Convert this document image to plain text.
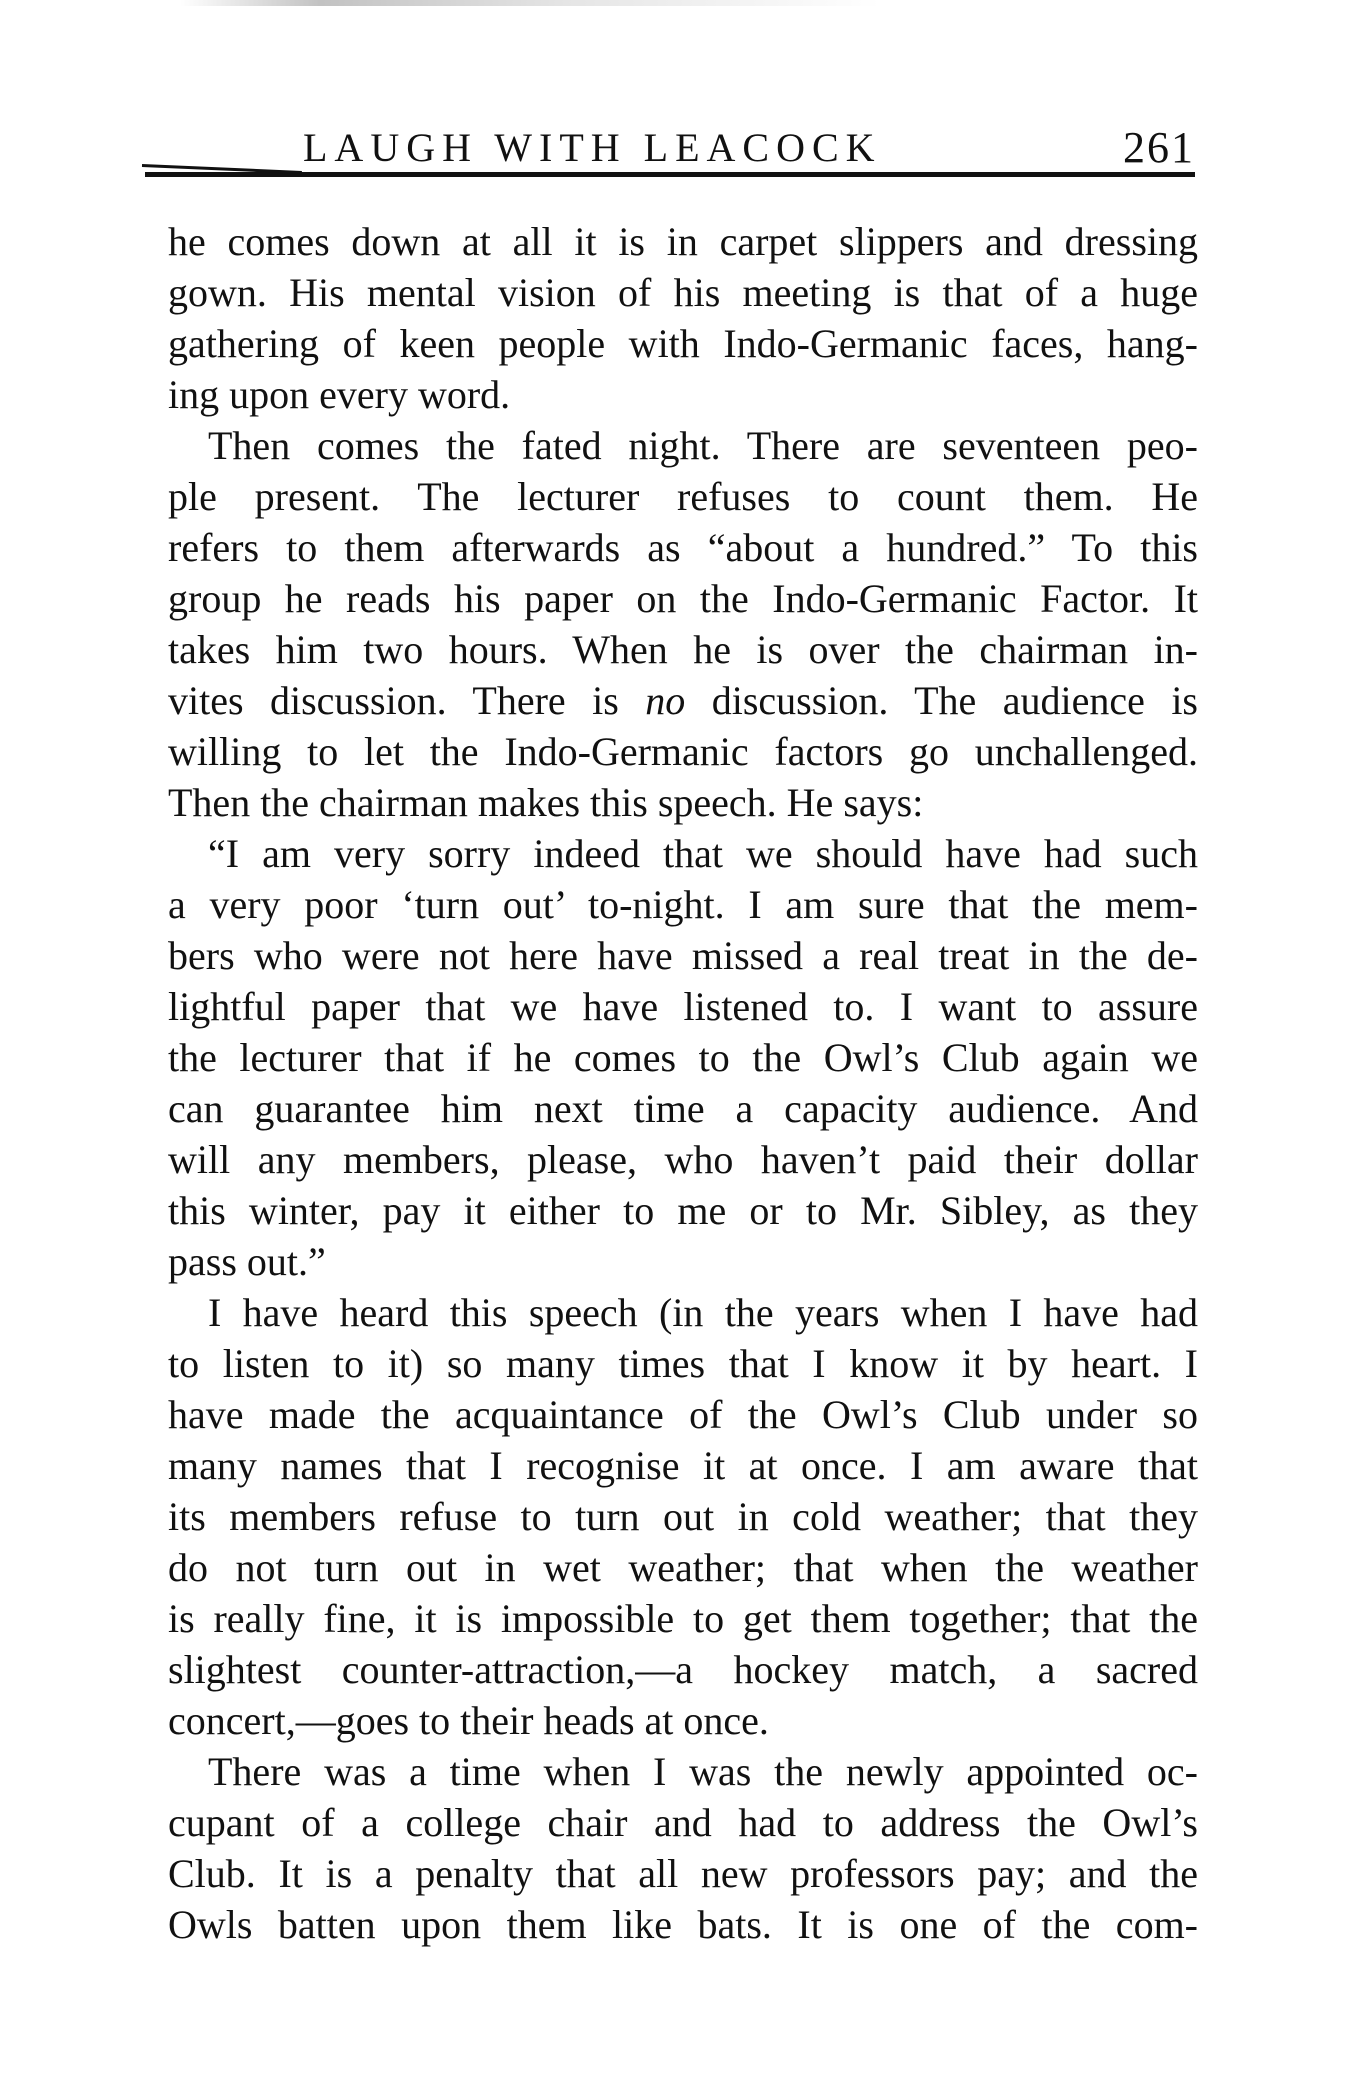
LAUGH WITH LEACOCK	261
he comes down at all it is in carpet slippers and dressing
gown. His mental vision of his meeting is that of a huge
gathering of keen people with Indo-Germanic faces, hang-
ing upon every word.
Then comes the fated night. There are seventeen peo-
ple present. The lecturer refuses to count them. He
refers to them afterwards as “about a hundred.” To this
group he reads his paper on the Indo-Germanic Factor. It
takes him two hours. When he is over the chairman in-
vites discussion. There is no discussion. The audience is
willing to let the Indo-Germanic factors go unchallenged.
Then the chairman makes this speech. He says:
“I am very sorry indeed that we should have had such
a very poor ‘turn out’ to-night. I am sure that the mem-
bers who were not here have missed a real treat in the de-
lightful paper that we have listened to. I want to assure
the lecturer that if he comes to the Owl’s Club again we
can guarantee him next time a capacity audience. And
will any members, please, who haven’t paid their dollar
this winter, pay it either to me or to Mr. Sibley, as they
pass out.”
I have heard this speech (in the years when I have had
to listen to it) so many times that I know it by heart. I
have made the acquaintance of the Owl’s Club under so
many names that I recognise it at once. I am aware that
its members refuse to turn out in cold weather; that they
do not turn out in wet weather; that when the weather
is really fine, it is impossible to get them together; that the
slightest counter-attraction,—a hockey match, a sacred
concert,—goes to their heads at once.
There was a time when I was the newly appointed oc-
cupant of a college chair and had to address the Owl’s
Club. It is a penalty that all new professors pay; and the
Owls batten upon them like bats. It is one of the com-
